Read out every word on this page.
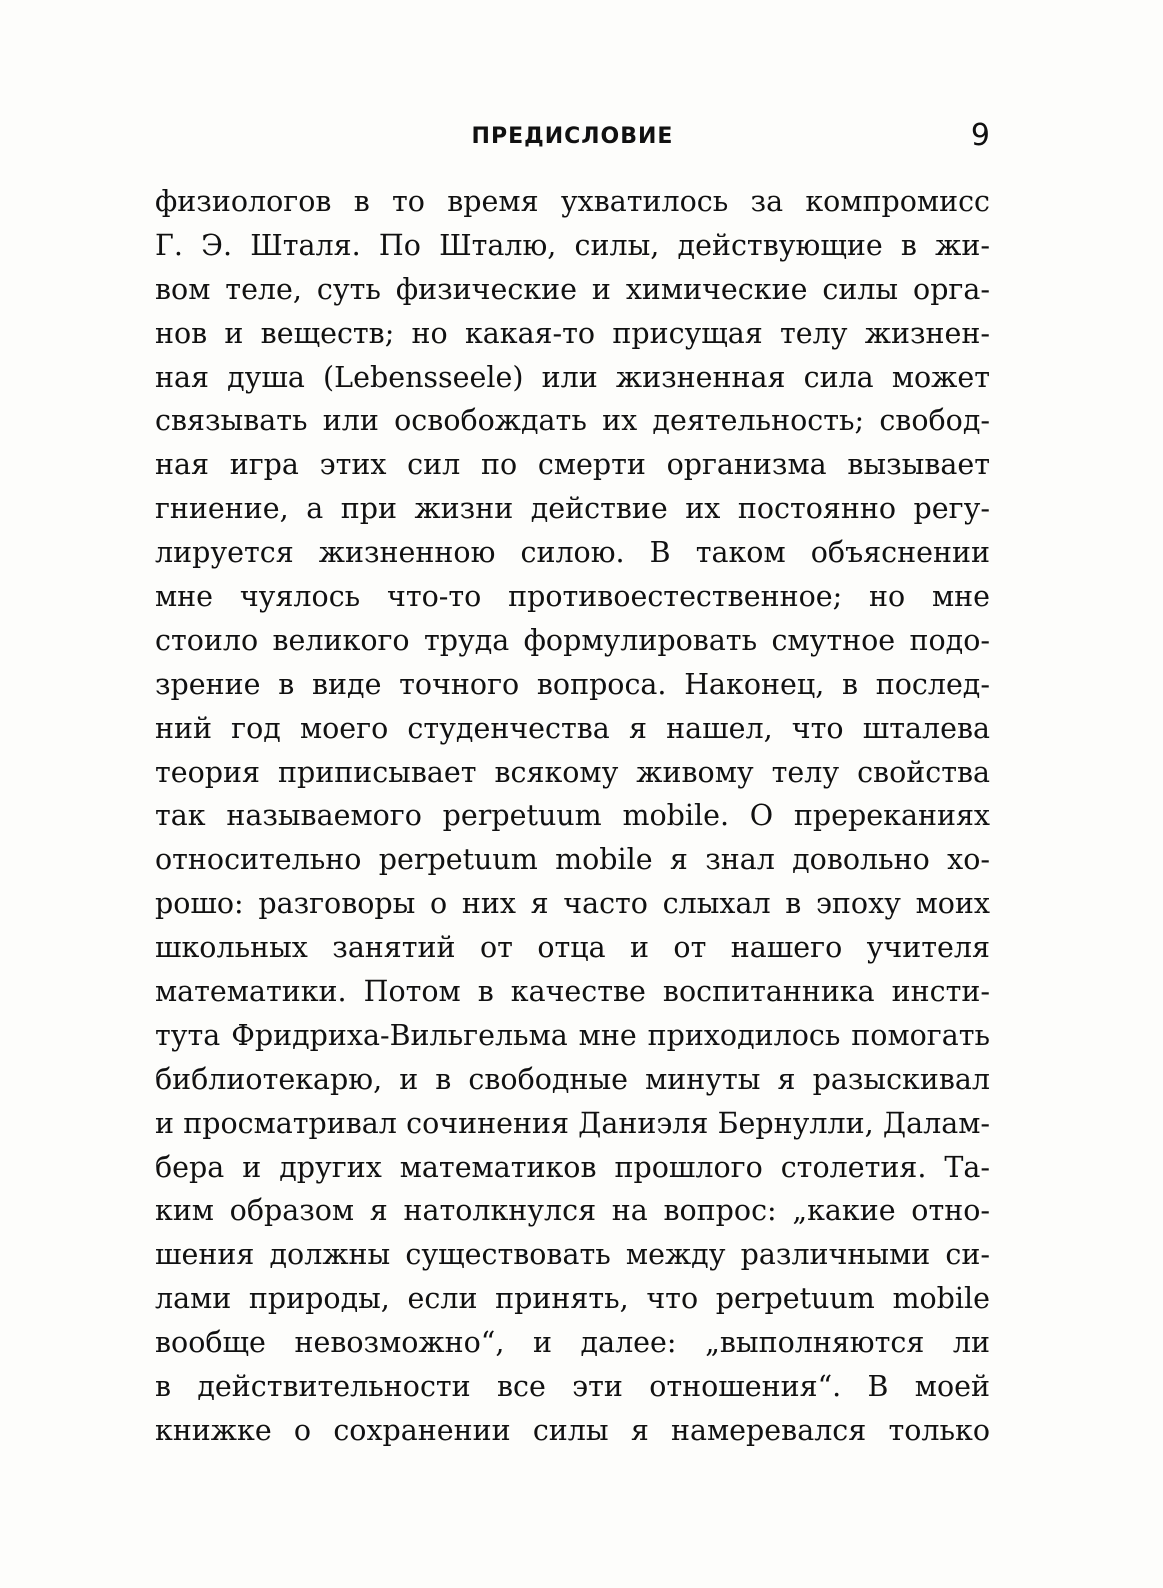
ПРЕДИСЛОВИЕ	9
физиологов в то время ухватилось за компромисс
Г. Э. Шталя. По Шталю, силы, действующие в жи-
вом теле, суть физические и химические силы орга-
нов и веществ; но какая-то присущая телу жизнен-
ная душа (Lebensseele) или жизненная сила может
связывать или освобождать их деятельность; свобод-
ная игра этих сил по смерти организма вызывает
гниение, а при жизни действие их постоянно регу-
лируется жизненною силою. В таком объяснении
мне чуялось что-то противоестественное; но мне
стоило великого труда формулировать смутное подо-
зрение в виде точного вопроса. Наконец, в послед-
ний год моего студенчества я нашел, что шталева
теория приписывает всякому живому телу свойства
так называемого perpetuum mobile. О пререканиях
относительно perpetuum mobile я знал довольно хо-
рошо: разговоры о них я часто слыхал в эпоху моих
школьных занятий от отца и от нашего учителя
математики. Потом в качестве воспитанника инсти-
тута Фридриха-Вильгельма мне приходилось помогать
библиотекарю, и в свободные минуты я разыскивал
и просматривал сочинения Даниэля Бернулли, Далам-
бера и других математиков прошлого столетия. Та-
ким образом я натолкнулся на вопрос: „какие отно-
шения должны существовать между различными си-
лами природы, если принять, что perpetuum mobile
вообще невозможно“, и далее: „выполняются ли
в действительности все эти отношения“. В моей
книжке о сохранении силы я намеревался только
